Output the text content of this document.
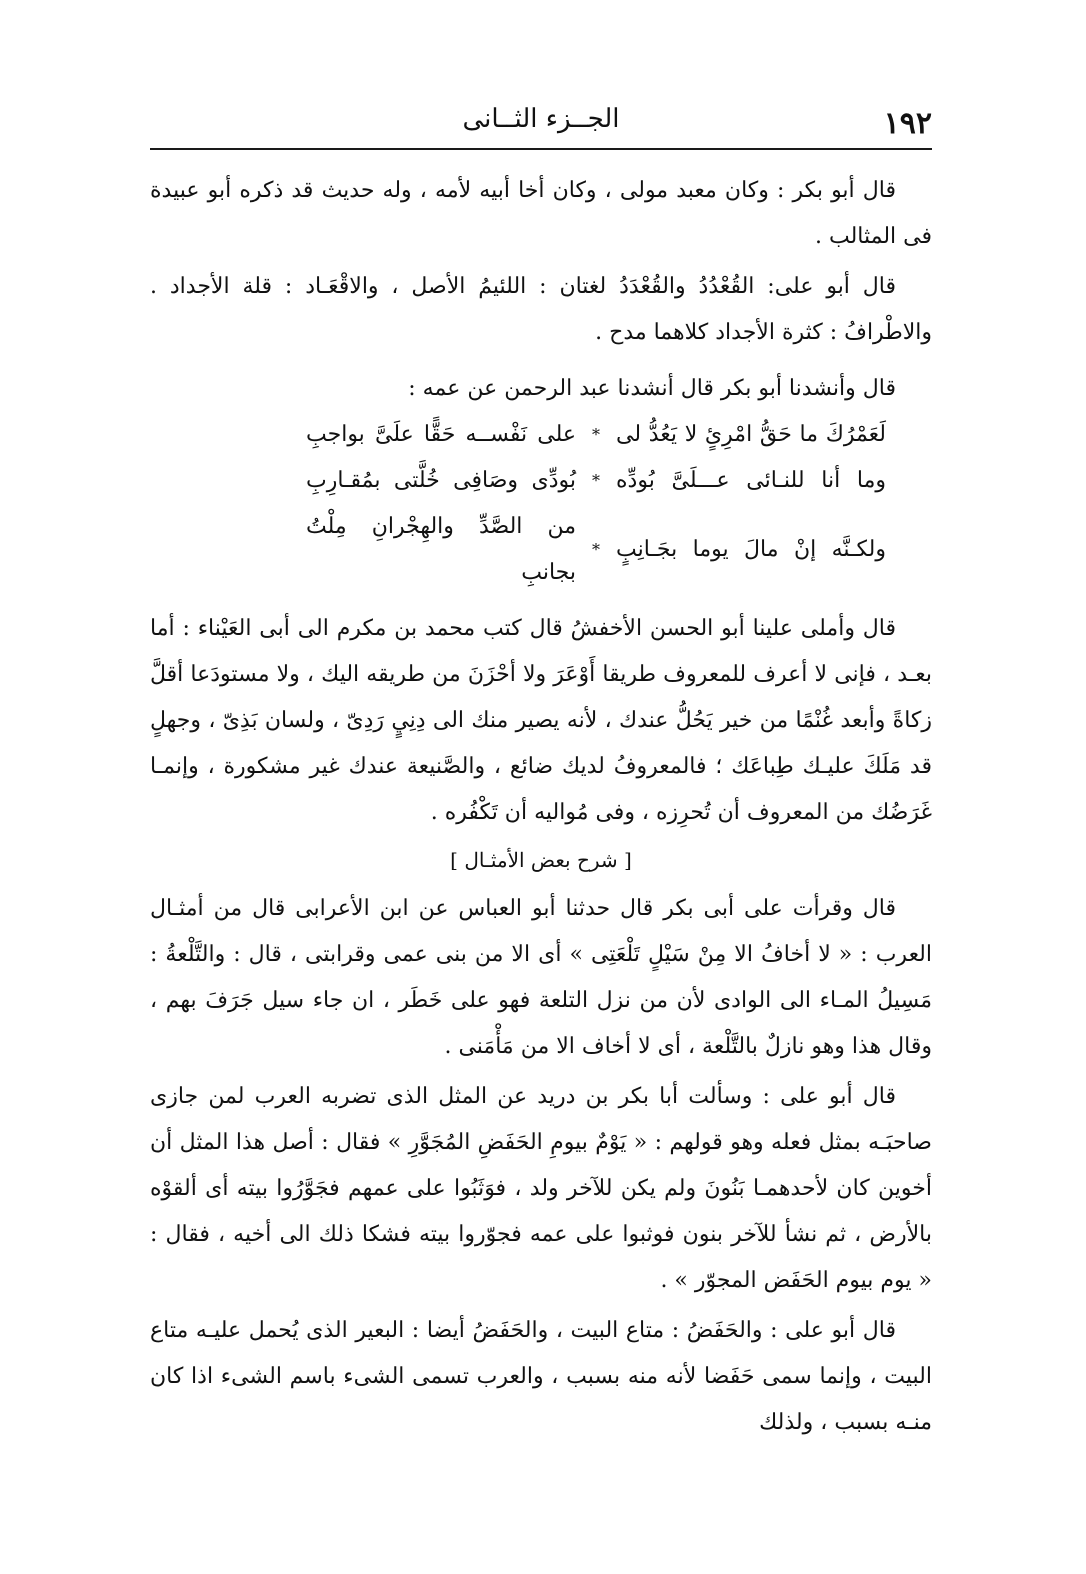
١٩٢
الجــزء الثــانى

قال أبو بكر : وكان معبد مولى ، وكان أخا أبيه لأمه ، وله حديث قد ذكره أبو عبيدة فى المثالب .

قال أبو على: القُعْدُدُ والقُعْدَدُ لغتان : اللئيمُ الأصل ، والاقْعَـاد : قلة الأجداد . والاطْرافُ : كثرة الأجداد كلاهما مدح .

قال وأنشدنا أبو بكر قال أنشدنا عبد الرحمن عن عمه :

لَعَمْرُكَ ما حَقُّ امْرِئٍ لا يَعُدُّ لى
*
على نَفْســه حَقًّا علَىَّ بواجبِ
وما أنا للنـائى عـــلَىَّ بُودِّه
*
بُودِّى وصَافِى خُلَّتى بمُقـارِبِ
ولكـنَّه إنْ مالَ يوما بجَـانِبٍ
*
من الصَّدِّ والهِجْرانِ مِلْتُ بجانبِ

قال وأملى علينا أبو الحسن الأخفشُ قال كتب محمد بن مكرم الى أبى العَيْناء : أما بعـد ، فإنى لا أعرف للمعروف طريقا أَوْعَرَ ولا أحْزَنَ من طريقه اليك ، ولا مستودَعا أقلَّ زكاةً وأبعد غُنْمًا من خير يَحُلُّ عندك ، لأنه يصير منك الى دِنِيٍ رَدِىّ ، ولسان بَذِىّ ، وجهلٍ قد مَلَكَ عليـك طِباعَك ؛ فالمعروفُ لديك ضائع ، والصَّنيعة عندك غير مشكورة ، وإنمـا غَرَضُك من المعروف أن تُحرِزه ، وفى مُواليه أن تَكْفُره .

[ شرح بعض الأمثـال ]

قال وقرأت على أبى بكر قال حدثنا أبو العباس عن ابن الأعرابى قال من أمثـال العرب : « لا أخافُ الا مِنْ سَيْلٍ تَلْعَتِى » أى الا من بنى عمى وقرابتى ، قال : والتَّلْعةُ : مَسِيلُ المـاء الى الوادى لأن من نزل التلعة فهو على خَطَر ، ان جاء سيل جَرَفَ بهم ، وقال هذا وهو نازلٌ بالتَّلْعة ، أى لا أخاف الا من مَأْمَنى .

قال أبو على : وسألت أبا بكر بن دريد عن المثل الذى تضربه العرب لمن جازى صاحبَـه بمثل فعله وهو قولهم : « يَوْمٌ بيومِ الحَفَضِ المُجَوَّرِ » فقال : أصل هذا المثل أن أخوين كان لأحدهمـا بَنُونَ ولم يكن للآخر ولد ، فوَثَبُوا على عمهم فجَوَّرُوا بيته أى ألقوْه بالأرض ، ثم نشأ للآخر بنون فوثبوا على عمه فجوّروا بيته فشكا ذلك الى أخيه ، فقال : « يوم بيوم الحَفَض المجوّر » .

قال أبو على : والحَفَضُ : متاع البيت ، والحَفَضُ أيضا : البعير الذى يُحمل عليـه متاع البيت ، وإنما سمى حَفَضا لأنه منه بسبب ، والعرب تسمى الشىء باسم الشىء اذا كان منـه بسبب ، ولذلك
